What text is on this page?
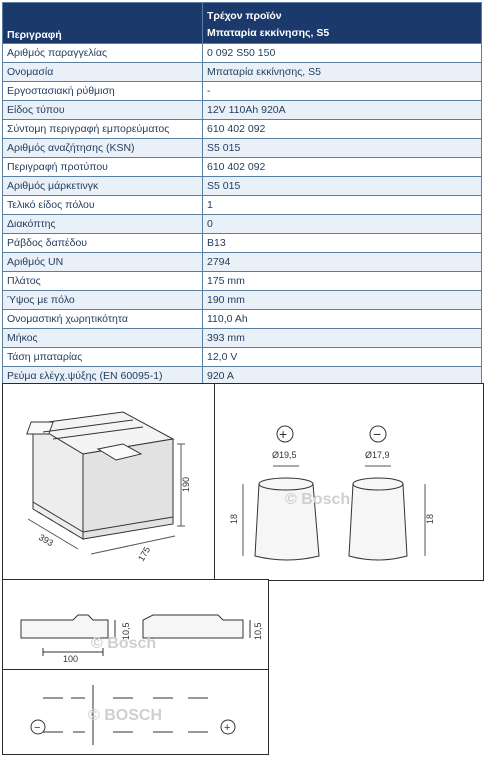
Περιγραφή	Τρέχον προϊόν
Μπαταρία εκκίνησης, S5

Αριθμός παραγγελίας	0 092 S50 150
Ονομασία	Μπαταρία εκκίνησης, S5
Εργοστασιακή ρύθμιση	-
Είδος τύπου	12V 110Ah 920A
Σύντομη περιγραφή εμπορεύματος	610 402 092
Αριθμός αναζήτησης (KSN)	S5 015
Περιγραφή προτύπου	610 402 092
Αριθμός μάρκετινγκ	S5 015
Τελικό είδος πόλου	1
Διακόπτης	0
Ράβδος δαπέδου	B13
Αριθμός UN	2794
Πλάτος	175 mm
Ύψος με πόλο	190 mm
Ονομαστική χωρητικότητα	110,0 Ah
Μήκος	393 mm
Τάση μπαταρίας	12,0 V
Ρεύμα ελέγχ.ψύξης (EN 60095-1)	920 A
190
393
175
+	−
Ø19,5	Ø17,9
18	18
© Bosch
100
10,5	10,5
© Bosch
−	+
© BOSCH
